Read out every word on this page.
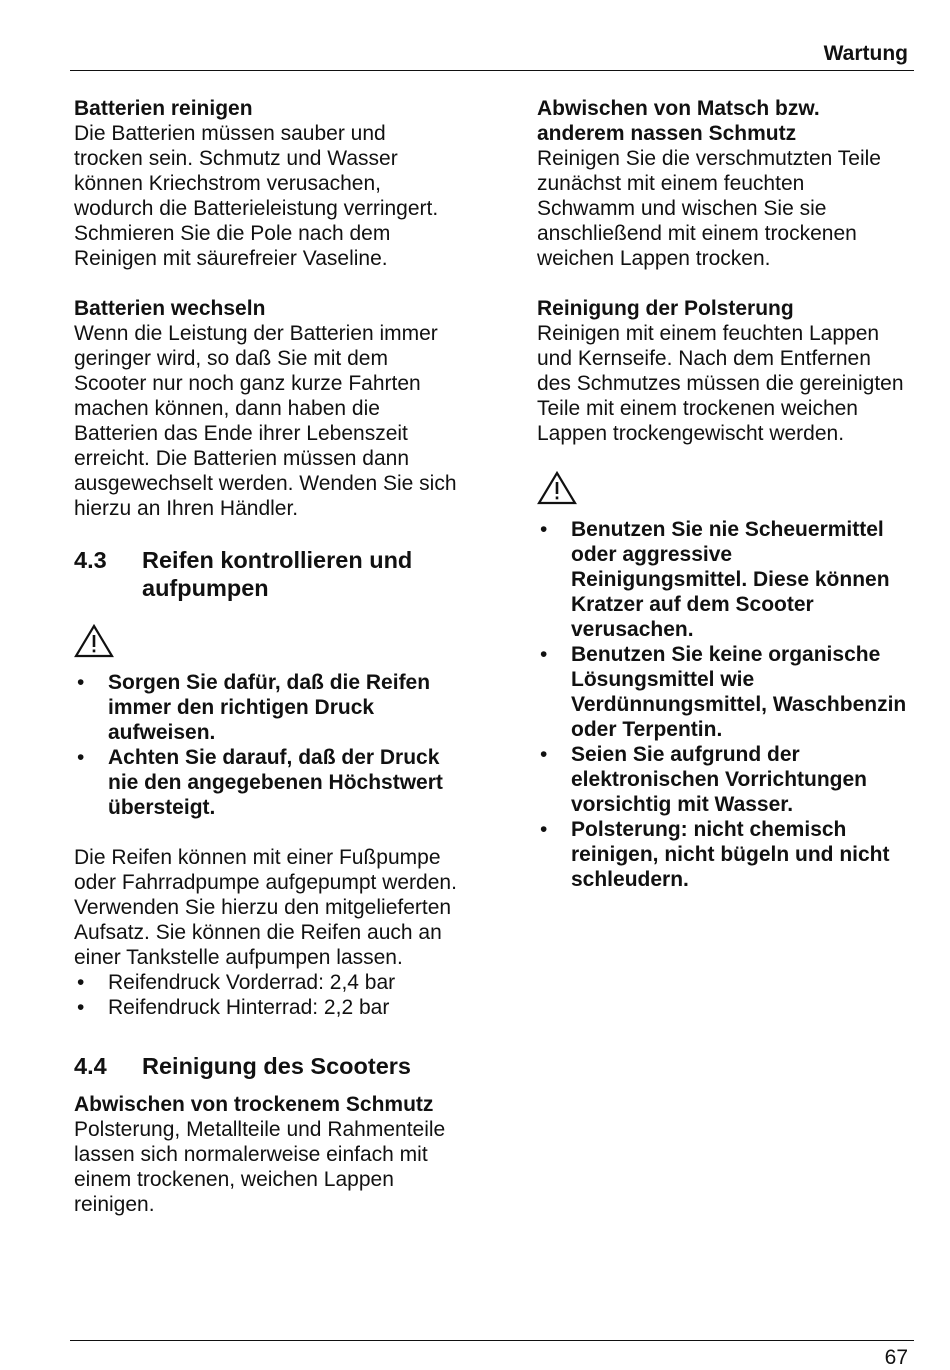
Wartung

Batterien reinigen

Die Batterien müssen sauber und trocken sein. Schmutz und Wasser können Kriechstrom verusachen, wodurch die Batterieleistung verringert. Schmieren Sie die Pole nach dem Reinigen mit säurefreier Vaseline.

Batterien wechseln

Wenn die Leistung der Batterien immer geringer wird, so daß Sie mit dem Scooter nur noch ganz kurze Fahrten machen können, dann haben die Batterien das Ende ihrer Lebenszeit erreicht. Die Batterien müssen dann ausgewechselt werden. Wenden Sie sich hierzu an Ihren Händler.

4.3	Reifen kontrollieren und aufpumpen
• Sorgen Sie dafür, daß die Reifen immer den richtigen Druck aufweisen.
• Achten Sie darauf, daß der Druck nie den angegebenen Höchstwert übersteigt.

Die Reifen können mit einer Fußpumpe oder Fahrradpumpe aufgepumpt werden. Verwenden Sie hierzu den mitgelieferten Aufsatz. Sie können die Reifen auch an einer Tankstelle aufpumpen lassen.

• Reifendruck Vorderrad: 2,4 bar
• Reifendruck Hinterrad: 2,2 bar
4.4	Reinigung des Scooters

Abwischen von trockenem Schmutz

Polsterung, Metallteile und Rahmenteile lassen sich normalerweise einfach mit einem trockenen, weichen Lappen reinigen.

Abwischen von Matsch bzw. anderem nassen Schmutz

Reinigen Sie die verschmutzten Teile zunächst mit einem feuchten Schwamm und wischen Sie sie anschließend mit einem trockenen weichen Lappen trocken.

Reinigung der Polsterung

Reinigen mit einem feuchten Lappen und Kernseife. Nach dem Entfernen des Schmutzes müssen die gereinigten Teile mit einem trockenen weichen Lappen trockengewischt werden.

• Benutzen Sie nie Scheuermittel oder aggressive Reinigungsmittel. Diese können Kratzer auf dem Scooter verusachen.
• Benutzen Sie keine organische Lösungsmittel wie Verdünnungsmittel, Waschbenzin oder Terpentin.
• Seien Sie aufgrund der elektronischen Vorrichtungen vorsichtig mit Wasser.
• Polsterung: nicht chemisch reinigen, nicht bügeln und nicht schleudern.
67
